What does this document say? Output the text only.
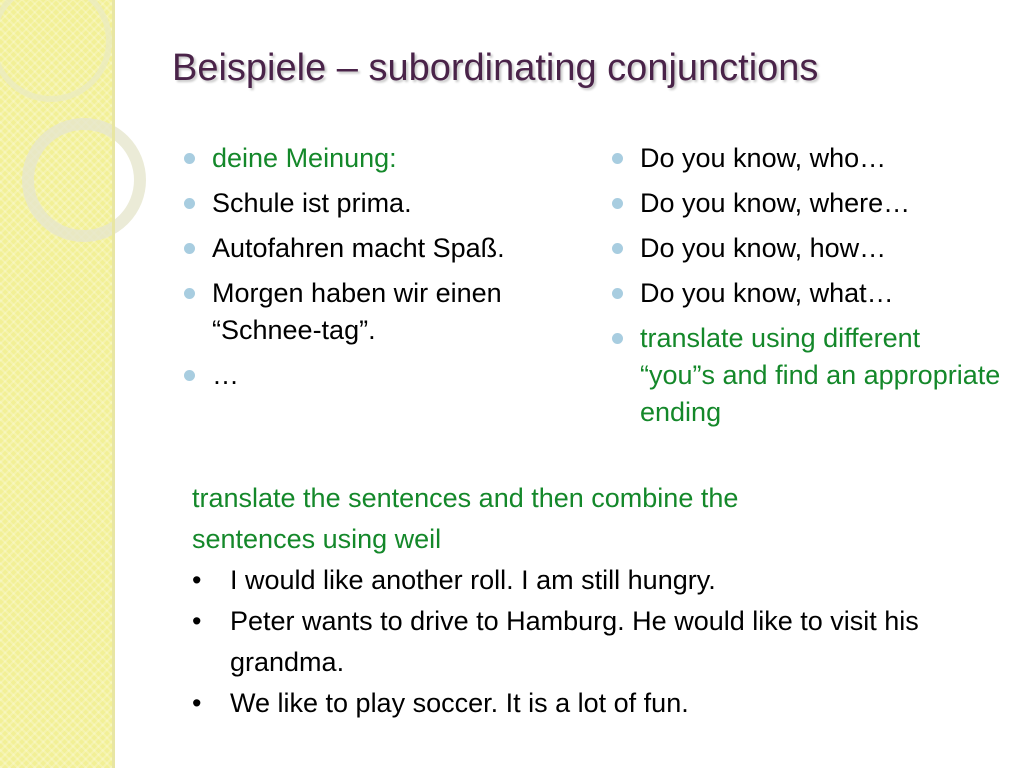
Beispiele – subordinating conjunctions
deine Meinung:
Schule ist prima.
Autofahren macht Spaß.
Morgen haben wir einen “Schnee-tag”.
…
Do you know, who…
Do you know, where…
Do you know, how…
Do you know, what…
translate using different “you”s and find an appropriate ending

translate the sentences and then combine the sentences using weil

• I would like another roll. I am still hungry.
• Peter wants to drive to Hamburg. He would like to visit his grandma.
• We like to play soccer. It is a lot of fun.
